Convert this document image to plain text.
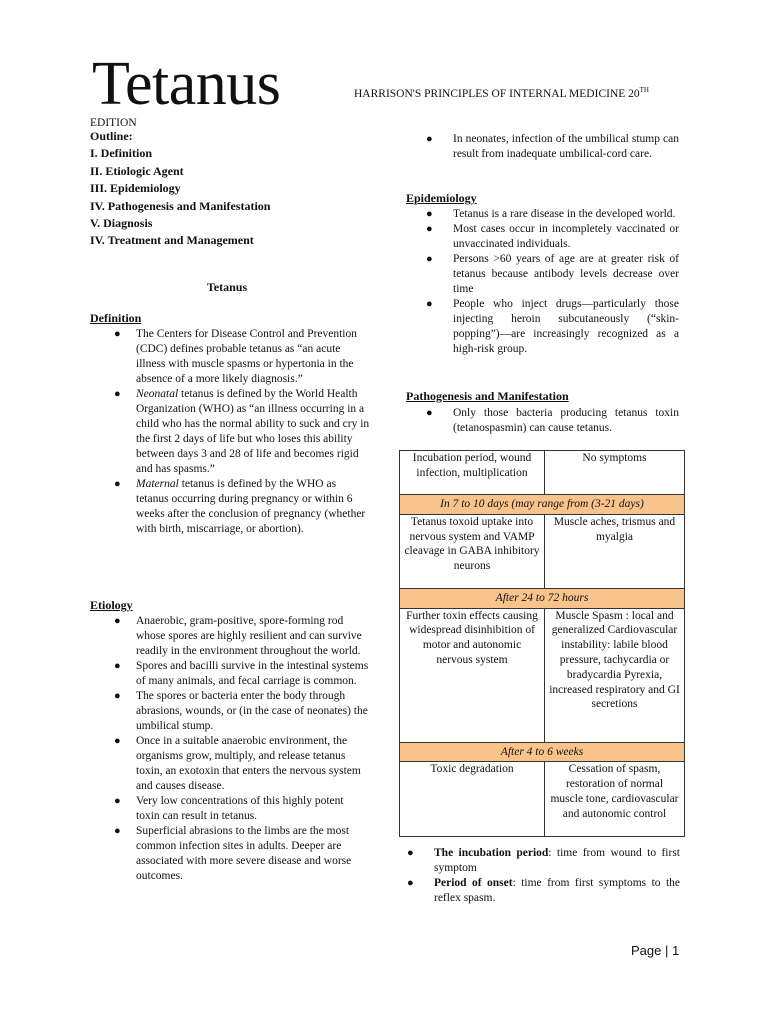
Tetanus	HARRISON'S PRINCIPLES OF INTERNAL MEDICINE 20TH
EDITION
Outline:
I. Definition
II. Etiologic Agent
III. Epidemiology
IV. Pathogenesis and Manifestation
V. Diagnosis
IV. Treatment and Management
Tetanus
Definition
● The Centers for Disease Control and Prevention (CDC) defines probable tetanus as “an acute illness with muscle spasms or hypertonia in the absence of a more likely diagnosis.”
● Neonatal tetanus is defined by the World Health Organization (WHO) as “an illness occurring in a child who has the normal ability to suck and cry in the first 2 days of life but who loses this ability between days 3 and 28 of life and becomes rigid and has spasms.”
● Maternal tetanus is defined by the WHO as tetanus occurring during pregnancy or within 6 weeks after the conclusion of pregnancy (whether with birth, miscarriage, or abortion).
Etiology
● Anaerobic, gram-positive, spore-forming rod whose spores are highly resilient and can survive readily in the environment throughout the world.
● Spores and bacilli survive in the intestinal systems of many animals, and fecal carriage is common.
● The spores or bacteria enter the body through abrasions, wounds, or (in the case of neonates) the umbilical stump.
● Once in a suitable anaerobic environment, the organisms grow, multiply, and release tetanus toxin, an exotoxin that enters the nervous system and causes disease.
● Very low concentrations of this highly potent toxin can result in tetanus.
● Superficial abrasions to the limbs are the most common infection sites in adults. Deeper are associated with more severe disease and worse outcomes.
● In neonates, infection of the umbilical stump can result from inadequate umbilical-cord care.
Epidemiology
● Tetanus is a rare disease in the developed world.
● Most cases occur in incompletely vaccinated or unvaccinated individuals.
● Persons >60 years of age are at greater risk of tetanus because antibody levels decrease over time
● People who inject drugs—particularly those injecting heroin subcutaneously (“skin-popping”)—are increasingly recognized as a high-risk group.
Pathogenesis and Manifestation
● Only those bacteria producing tetanus toxin (tetanospasmin) can cause tetanus.
Incubation period, wound infection, multiplication	No symptoms
In 7 to 10 days (may range from (3-21 days)	
Tetanus toxoid uptake into nervous system and VAMP cleavage in GABA inhibitory neurons	Muscle aches, trismus and myalgia
After 24 to 72 hours	
Further toxin effects causing widespread disinhibition of motor and autonomic nervous system	Muscle Spasm : local and generalized Cardiovascular instability: labile blood pressure, tachycardia or bradycardia Pyrexia, increased respiratory and GI secretions
After 4 to 6 weeks	
Toxic degradation	Cessation of spasm, restoration of normal muscle tone, cardiovascular and autonomic control
● The incubation period: time from wound to first symptom
● Period of onset: time from first symptoms to the reflex spasm.
Page | 1
